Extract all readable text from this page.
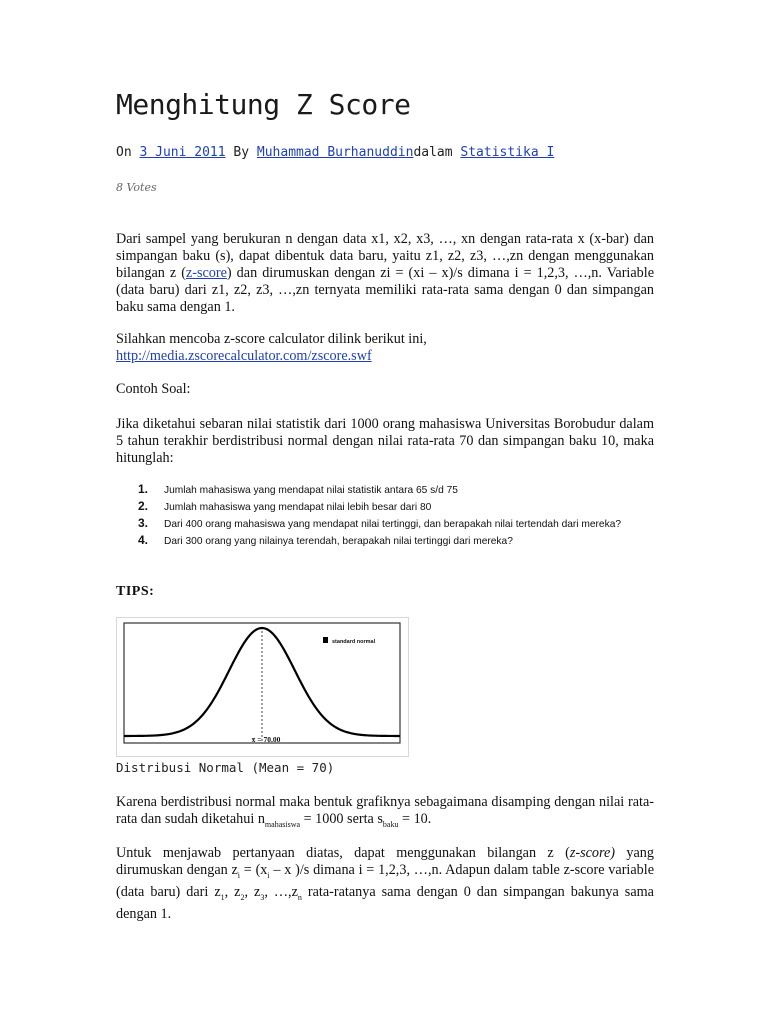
Menghitung Z Score
On 3 Juni 2011 By Muhammad Burhanuddindalam Statistika I
8 Votes

Dari sampel yang berukuran n dengan data x1, x2, x3, …, xn dengan rata-rata x (x-bar) dan simpangan baku (s), dapat dibentuk data baru, yaitu z1, z2, z3, …,zn dengan menggunakan bilangan z (z-score) dan dirumuskan dengan zi = (xi – x)/s dimana i = 1,2,3, …,n. Variable (data baru) dari z1, z2, z3, …,zn ternyata memiliki rata-rata sama dengan 0 dan simpangan baku sama dengan 1.

Silahkan mencoba z-score calculator dilink berikut ini,
http://media.zscorecalculator.com/zscore.swf

Contoh Soal:

Jika diketahui sebaran nilai statistik dari 1000 orang mahasiswa Universitas Borobudur dalam 5 tahun terakhir berdistribusi normal dengan nilai rata-rata 70 dan simpangan baku 10, maka hitunglah:

1. Jumlah mahasiswa yang mendapat nilai statistik antara 65 s/d 75
2. Jumlah mahasiswa yang mendapat nilai lebih besar dari 80
3. Dari 400 orang mahasiswa yang mendapat nilai tertinggi, dan berapakah nilai tertendah dari mereka?
4. Dari 300 orang yang nilainya terendah, berapakah nilai tertinggi dari mereka?
TIPS:
standard normal
x̄ = 70.00
Distribusi Normal (Mean = 70)

Karena berdistribusi normal maka bentuk grafiknya sebagaimana disamping dengan nilai rata-rata dan sudah diketahui $n_{mahasiswa} = 1000$ serta $s_{baku} = 10$.

Untuk menjawab pertanyaan diatas, dapat menggunakan bilangan z (z-score) yang dirumuskan dengan $z_i = (x_i - x$ )/s dimana i = 1,2,3, …,n. Adapun dalam table z-score variable (data baru) dari $z_1$, $z_2$, $z_3$, $\dots,z_n$ rata-ratanya sama dengan 0 dan simpangan bakunya sama dengan 1.
